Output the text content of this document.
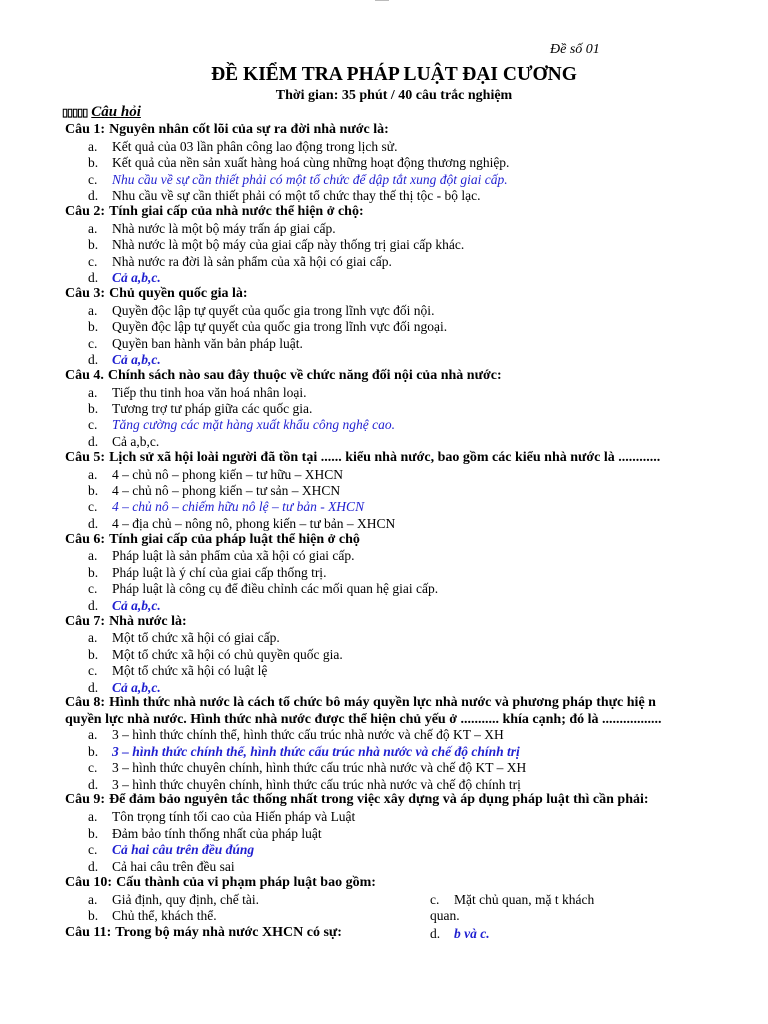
Đề số 01
ĐỀ KIỂM TRA PHÁP LUẬT ĐẠI CƯƠNG
Thời gian: 35 phút / 40 câu trắc nghiệm
▯▯▯▯▯ Câu hỏi
Câu 1: Nguyên nhân cốt lõi của sự ra đời nhà nước là:
a. Kết quả của 03 lần phân công lao động trong lịch sử.
b. Kết quả của nền sản xuất hàng hoá cùng những hoạt động thương nghiệp.
c. Nhu cầu về sự cần thiết phải có một tổ chức để dập tắt xung đột giai cấp.
d. Nhu cầu về sự cần thiết phải có một tổ chức thay thế thị tộc - bộ lạc.
Câu 2: Tính giai cấp của nhà nước thể hiện ở chộ:
a. Nhà nước là một bộ máy trấn áp giai cấp.
b. Nhà nước là một bộ máy của giai cấp này thống trị giai cấp khác.
c. Nhà nước ra đời là sản phẩm của xã hội có giai cấp.
d. Cả a,b,c.
Câu 3: Chủ quyền quốc gia là:
a. Quyền độc lập tự quyết của quốc gia trong lĩnh vực đối nội.
b. Quyền độc lập tự quyết của quốc gia trong lĩnh vực đối ngoại.
c. Quyền ban hành văn bản pháp luật.
d. Cả a,b,c.
Câu 4. Chính sách nào sau đây thuộc về chức năng đối nội của nhà nước:
a. Tiếp thu tinh hoa văn hoá nhân loại.
b. Tương trợ tư pháp giữa các quốc gia.
c. Tăng cường các mặt hàng xuất khẩu công nghệ cao.
d. Cả a,b,c.
Câu 5: Lịch sử xã hội loài người đã tồn tại ...... kiểu nhà nước, bao gồm các kiểu nhà nước là ............
a. 4 – chủ nô – phong kiến – tư hữu – XHCN
b. 4 – chủ nô – phong kiến – tư sản – XHCN
c. 4 – chủ nô – chiếm hữu nô lệ – tư bản - XHCN
d. 4 – địa chủ – nông nô, phong kiến – tư bản – XHCN
Câu 6: Tính giai cấp của pháp luật thể hiện ở chộ
a. Pháp luật là sản phẩm của xã hội có giai cấp.
b. Pháp luật là ý chí của giai cấp thống trị.
c. Pháp luật là công cụ để điều chỉnh các mối quan hệ giai cấp.
d. Cả a,b,c.
Câu 7: Nhà nước là:
a. Một tổ chức xã hội có giai cấp.
b. Một tổ chức xã hội có chủ quyền quốc gia.
c. Một tổ chức xã hội có luật lệ
d. Cả a,b,c.
Câu 8: Hình thức nhà nước là cách tổ chức bô máy quyền lực nhà nước và phương pháp thực hiệ n quyền lực nhà nước. Hình thức nhà nước được thể hiện chủ yếu ở ........... khía cạnh; đó là .................
a. 3 – hình thức chính thể, hình thức cấu trúc nhà nước và chế độ KT – XH
b. 3 – hình thức chính thể, hình thức cấu trúc nhà nước và chế độ chính trị
c. 3 – hình thức chuyên chính, hình thức cấu trúc nhà nước và chế độ KT – XH
d. 3 – hình thức chuyên chính, hình thức cấu trúc nhà nước và chế độ chính trị
Câu 9: Để đảm bảo nguyên tắc thống nhất trong việc xây dựng và áp dụng pháp luật thì cần phải:
a. Tôn trọng tính tối cao của Hiến pháp và Luật
b. Đảm bảo tính thống nhất của pháp luật
c. Cả hai câu trên đều đúng
d. Cả hai câu trên đều sai
Câu 10: Cấu thành của vi phạm pháp luật bao gồm:
a. Giả định, quy định, chế tài.
b. Chủ thể, khách thể.
c. Mặt chủ quan, mặ t khách quan.
Câu 11: Trong bộ máy nhà nước XHCN có sự:	d. b và c.
